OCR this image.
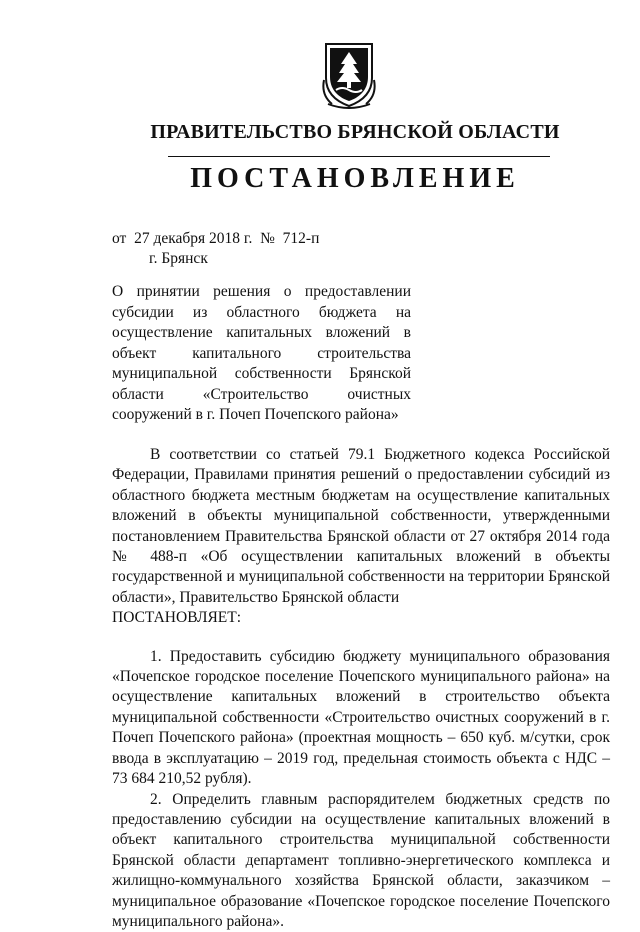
ПРАВИТЕЛЬСТВО БРЯНСКОЙ ОБЛАСТИ
ПОСТАНОВЛЕНИЕ
от  27 декабря 2018 г.  №  712-п
г. Брянск

О принятии решения о предоставлении субсидии из областного бюджета на осуществление капитальных вложений в объект капитального строительства муниципальной собственности Брянской области «Строительство очистных сооружений в г. Почеп Почепского района»

В соответствии со статьей 79.1 Бюджетного кодекса Российской Федерации, Правилами принятия решений о предоставлении субсидий из областного бюджета местным бюджетам на осуществление капитальных вложений в объекты муниципальной собственности, утвержденными постановлением Правительства Брянской области от 27 октября 2014 года № 488-п «Об осуществлении капитальных вложений в объекты государственной и муниципальной собственности на территории Брянской области», Правительство Брянской области

ПОСТАНОВЛЯЕТ:

1. Предоставить субсидию бюджету муниципального образования «Почепское городское поселение Почепского муниципального района» на осуществление капитальных вложений в строительство объекта муниципальной собственности «Строительство очистных сооружений в г. Почеп Почепского района» (проектная мощность – 650 куб. м/сутки, срок ввода в эксплуатацию – 2019 год, предельная стоимость объекта с НДС – 73 684 210,52 рубля).

2. Определить главным распорядителем бюджетных средств по предоставлению субсидии на осуществление капитальных вложений в объект капитального строительства муниципальной собственности Брянской области департамент топливно-энергетического комплекса и жилищно-коммунального хозяйства Брянской области, заказчиком – муниципальное образование «Почепское городское поселение Почепского муниципального района».
